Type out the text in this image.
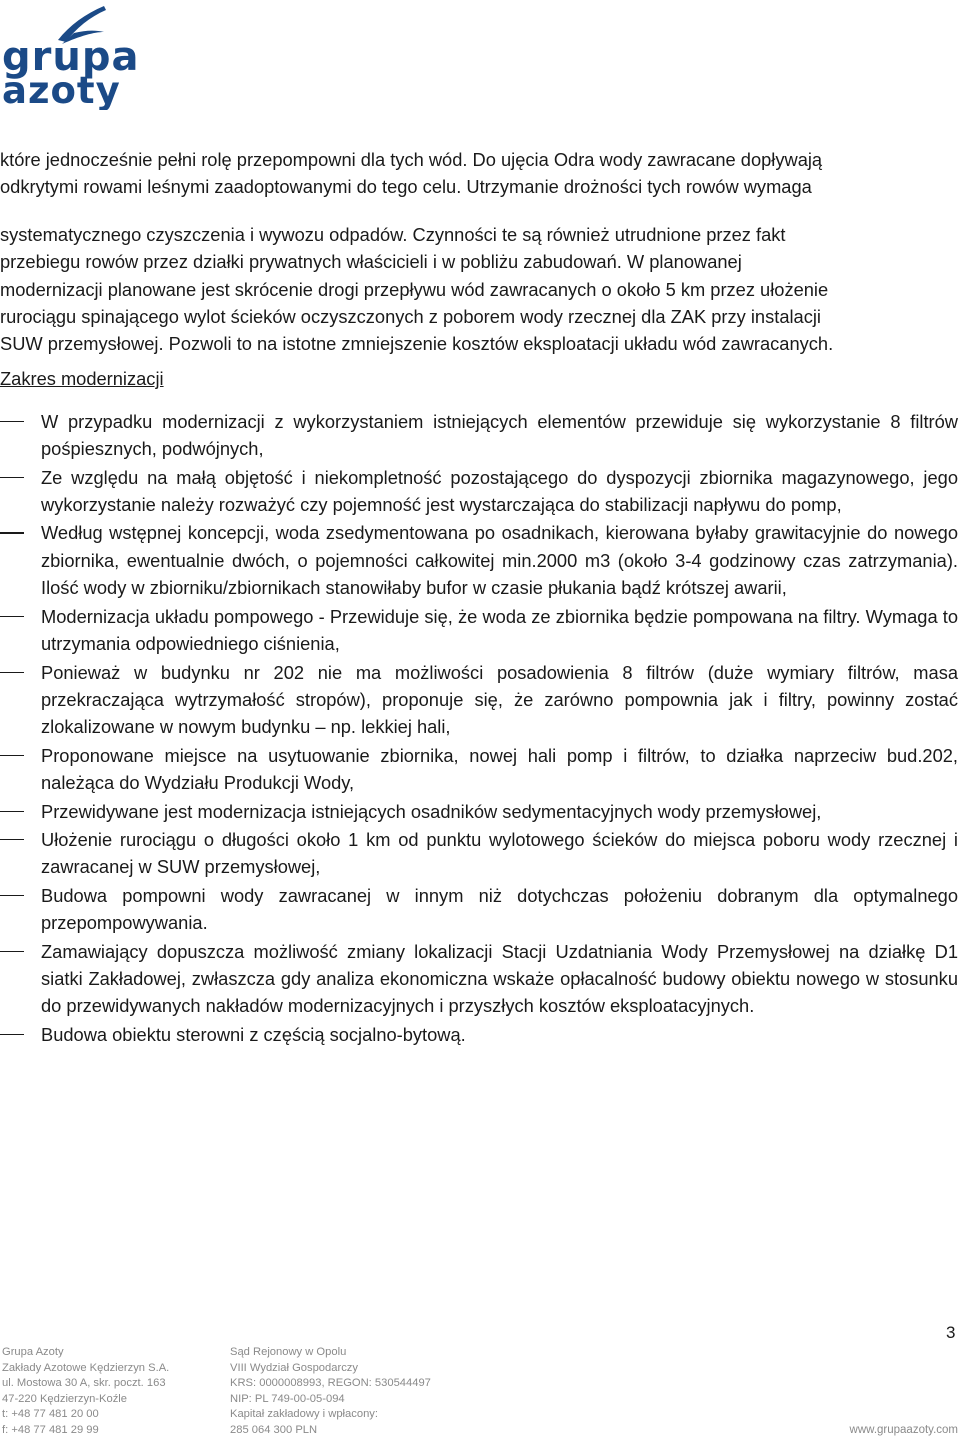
grupa
azoty

które jednocześnie pełni rolę przepompowni dla tych wód. Do ujęcia Odra wody zawracane dopływają
odkrytymi rowami leśnymi zaadoptowanymi do tego celu. Utrzymanie drożności tych rowów wymaga
systematycznego czyszczenia i wywozu odpadów. Czynności te są również utrudnione przez fakt
przebiegu rowów przez działki prywatnych właścicieli i w pobliżu zabudowań. W planowanej
modernizacji planowane jest skrócenie drogi przepływu wód zawracanych o około 5 km przez ułożenie
rurociągu spinającego wylot ścieków oczyszczonych z poborem wody rzecznej dla ZAK przy instalacji
SUW przemysłowej. Pozwoli to na istotne zmniejszenie kosztów eksploatacji układu wód zawracanych.

Zakres modernizacji
W przypadku modernizacji z wykorzystaniem istniejących elementów przewiduje się wykorzystanie 8 filtrów pośpiesznych, podwójnych,
Ze względu na małą objętość i niekompletność pozostającego do dyspozycji zbiornika magazynowego, jego wykorzystanie należy rozważyć czy pojemność jest wystarczająca do stabilizacji napływu do pomp,
Według wstępnej koncepcji, woda zsedymentowana po osadnikach, kierowana byłaby grawitacyjnie do nowego zbiornika, ewentualnie dwóch, o pojemności całkowitej min.2000 m3 (około 3-4 godzinowy czas zatrzymania). Ilość wody w zbiorniku/zbiornikach stanowiłaby bufor w czasie płukania bądź krótszej awarii,
Modernizacja układu pompowego - Przewiduje się, że woda ze zbiornika będzie pompowana na filtry. Wymaga to utrzymania odpowiedniego ciśnienia,
Ponieważ w budynku nr 202 nie ma możliwości posadowienia 8 filtrów (duże wymiary filtrów, masa przekraczająca wytrzymałość stropów), proponuje się, że zarówno pompownia jak i filtry, powinny zostać zlokalizowane w nowym budynku – np. lekkiej hali,
Proponowane miejsce na usytuowanie zbiornika, nowej hali pomp i filtrów, to działka naprzeciw bud.202, należąca do Wydziału Produkcji Wody,
Przewidywane jest modernizacja istniejących osadników sedymentacyjnych wody przemysłowej,
Ułożenie rurociągu o długości około 1 km od punktu wylotowego ścieków do miejsca poboru wody rzecznej i zawracanej w SUW przemysłowej,
Budowa pompowni wody zawracanej w innym niż dotychczas położeniu dobranym dla optymalnego przepompowywania.
Zamawiający dopuszcza możliwość zmiany lokalizacji Stacji Uzdatniania Wody Przemysłowej na działkę D1 siatki Zakładowej, zwłaszcza gdy analiza ekonomiczna wskaże opłacalność budowy obiektu nowego w stosunku do przewidywanych nakładów modernizacyjnych i przyszłych kosztów eksploatacyjnych.
Budowa obiektu sterowni z częścią socjalno-bytową.
3
Grupa Azoty
Zakłady Azotowe Kędzierzyn S.A.
ul. Mostowa 30 A, skr. poczt. 163
47-220 Kędzierzyn-Koźle
t: +48 77 481 20 00
f: +48 77 481 29 99
Sąd Rejonowy w Opolu
VIII Wydział Gospodarczy
KRS: 0000008993, REGON: 530544497
NIP: PL 749-00-05-094
Kapitał zakładowy i wpłacony:
285 064 300 PLN	www.grupaazoty.com
